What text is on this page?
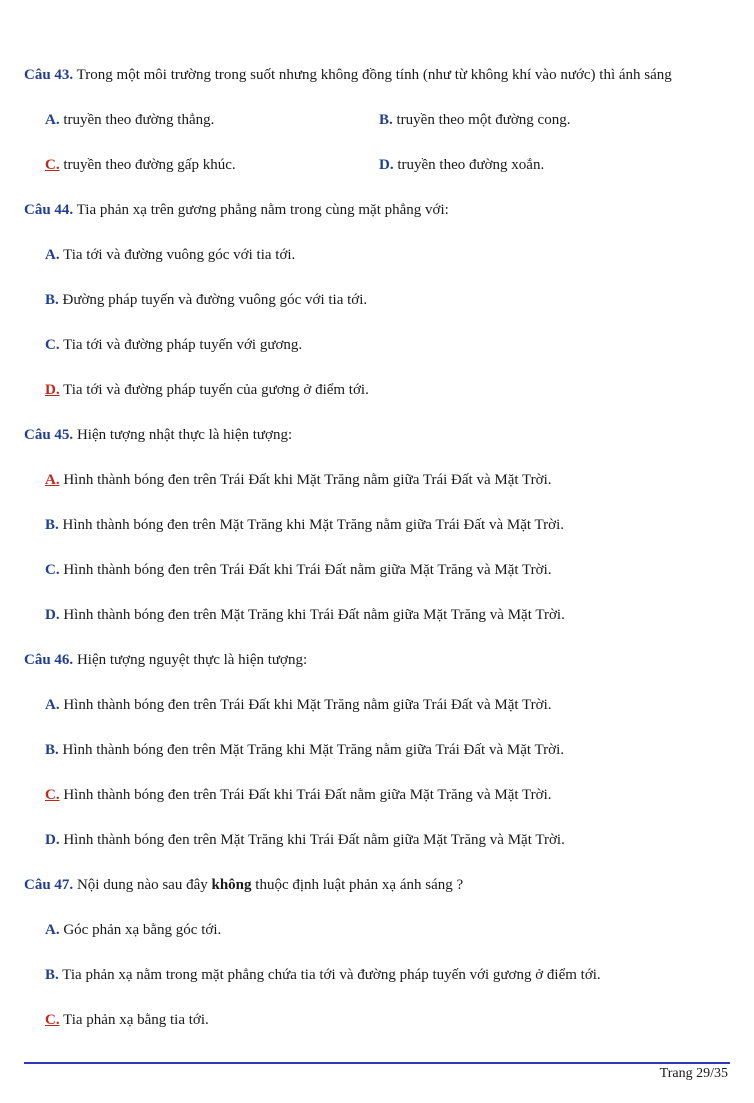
Câu 43. Trong một môi trường trong suốt nhưng không đồng tính (như từ không khí vào nước) thì ánh sáng
A. truyền theo đường thẳng.	B. truyền theo một đường cong.
C. truyền theo đường gấp khúc.	D. truyền theo đường xoắn.
Câu 44. Tia phản xạ trên gương phẳng nằm trong cùng mặt phẳng với:
A. Tia tới và đường vuông góc với tia tới.
B. Đường pháp tuyến và đường vuông góc với tia tới.
C. Tia tới và đường pháp tuyến với gương.
D. Tia tới và đường pháp tuyến của gương ở điểm tới.
Câu 45. Hiện tượng nhật thực là hiện tượng:
A. Hình thành bóng đen trên Trái Đất khi Mặt Trăng nằm giữa Trái Đất và Mặt Trời.
B. Hình thành bóng đen trên Mặt Trăng khi Mặt Trăng nằm giữa Trái Đất và Mặt Trời.
C. Hình thành bóng đen trên Trái Đất khi Trái Đất nằm giữa Mặt Trăng và Mặt Trời.
D. Hình thành bóng đen trên Mặt Trăng khi Trái Đất nằm giữa Mặt Trăng và Mặt Trời.
Câu 46. Hiện tượng nguyệt thực là hiện tượng:
A. Hình thành bóng đen trên Trái Đất khi Mặt Trăng nằm giữa Trái Đất và Mặt Trời.
B. Hình thành bóng đen trên Mặt Trăng khi Mặt Trăng nằm giữa Trái Đất và Mặt Trời.
C. Hình thành bóng đen trên Trái Đất khi Trái Đất nằm giữa Mặt Trăng và Mặt Trời.
D. Hình thành bóng đen trên Mặt Trăng khi Trái Đất nằm giữa Mặt Trăng và Mặt Trời.
Câu 47. Nội dung nào sau đây không thuộc định luật phản xạ ánh sáng ?
A. Góc phản xạ bằng góc tới.
B. Tia phản xạ nằm trong mặt phẳng chứa tia tới và đường pháp tuyến với gương ở điểm tới.
C. Tia phản xạ bằng tia tới.
Trang 29/35
